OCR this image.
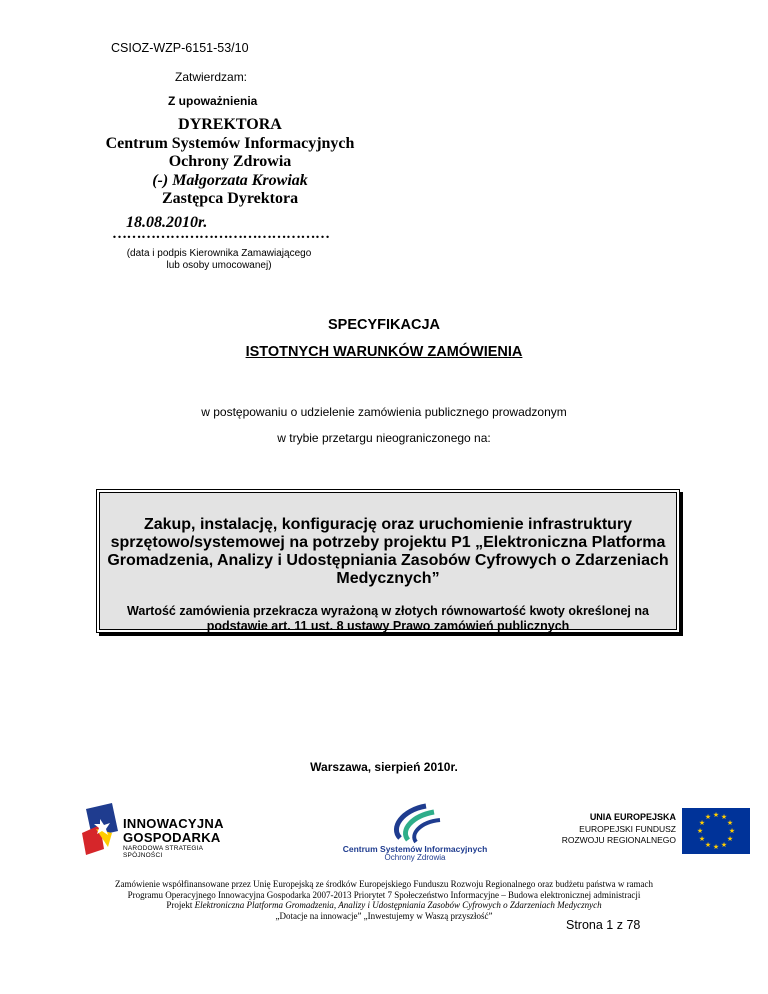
CSIOZ-WZP-6151-53/10
Zatwierdzam:
Z upoważnienia
DYREKTORA
Centrum Systemów Informacyjnych
Ochrony Zdrowia
(-) Małgorzata Krowiak
Zastępca Dyrektora
18.08.2010r.
………………………………………
(data i podpis Kierownika Zamawiającego
lub osoby umocowanej)
SPECYFIKACJA
ISTOTNYCH WARUNKÓW ZAMÓWIENIA
w postępowaniu o udzielenie zamówienia publicznego prowadzonym
w trybie przetargu nieograniczonego na:
Zakup, instalację, konfigurację oraz uruchomienie infrastruktury
sprzętowo/systemowej na potrzeby projektu P1 „Elektroniczna Platforma
Gromadzenia, Analizy i Udostępniania Zasobów Cyfrowych o Zdarzeniach
Medycznych”
Wartość zamówienia przekracza wyrażoną w złotych równowartość kwoty określonej na
podstawie art. 11 ust. 8 ustawy Prawo zamówień publicznych
Warszawa, sierpień 2010r.
INNOWACYJNA
GOSPODARKA
NARODOWA STRATEGIA SPÓJNOŚCI
Centrum Systemów Informacyjnych
Ochrony Zdrowia
UNIA EUROPEJSKA
EUROPEJSKI FUNDUSZ
ROZWOJU REGIONALNEGO
★ ★
★
★
★
★
★
★
★
★
★
★
Zamówienie współfinansowane przez Unię Europejską ze środków Europejskiego Funduszu Rozwoju Regionalnego oraz budżetu państwa w ramach
Programu Operacyjnego Innowacyjna Gospodarka 2007-2013 Priorytet 7 Społeczeństwo Informacyjne – Budowa elektronicznej administracji
Projekt Elektroniczna Platforma Gromadzenia, Analizy i Udostępniania Zasobów Cyfrowych o Zdarzeniach Medycznych
„Dotacje na innowacje” „Inwestujemy w Waszą przyszłość”
Strona 1 z 78
